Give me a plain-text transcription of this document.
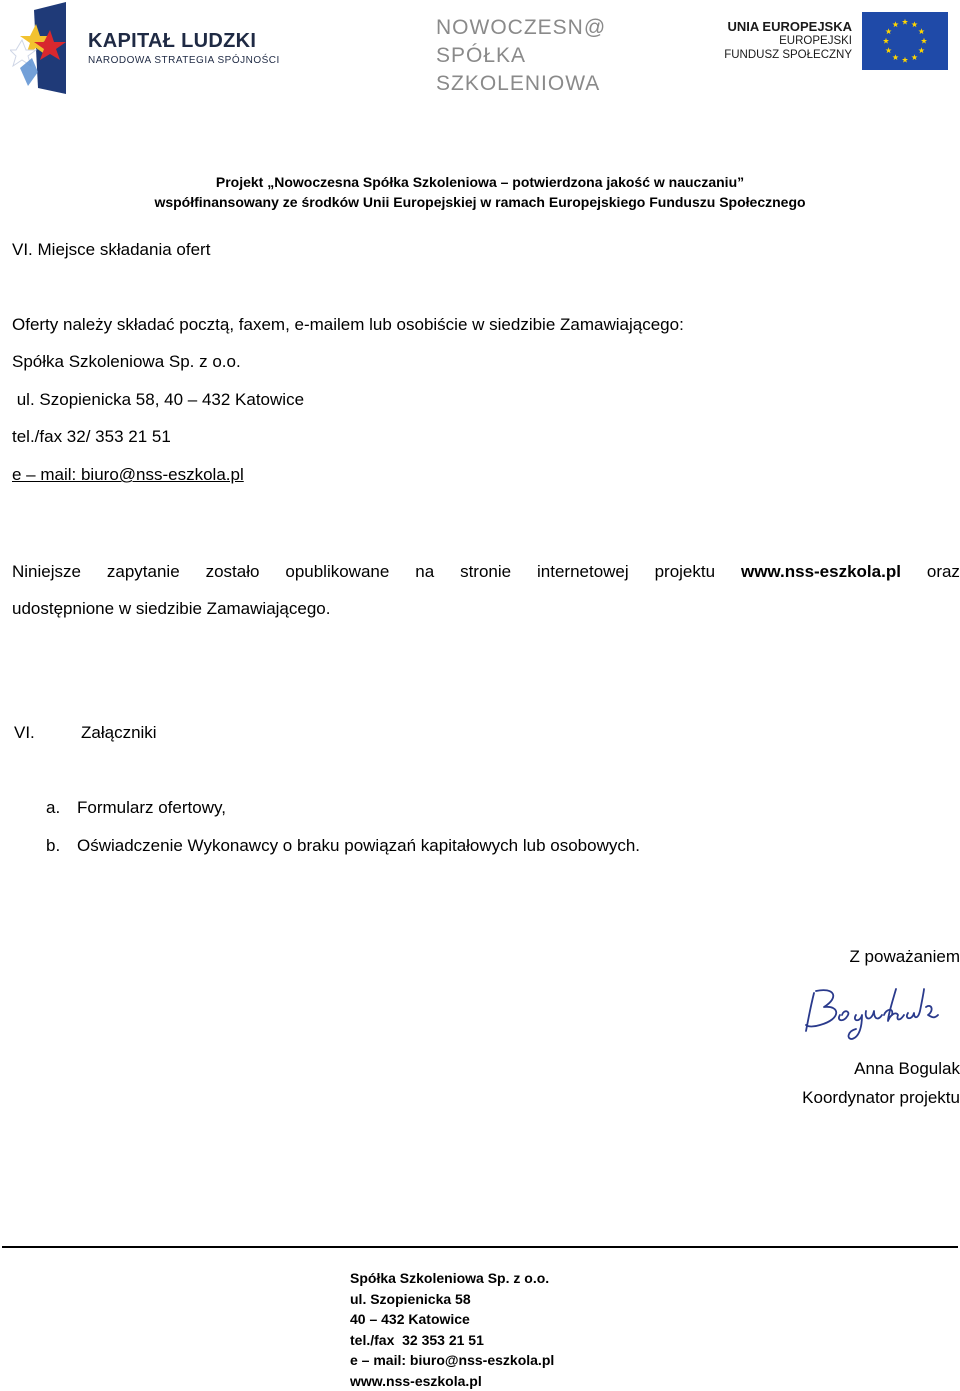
KAPITAŁ LUDZKI
NARODOWA STRATEGIA SPÓJNOŚCI
NOWOCZESN@
SPÓŁKA
SZKOLENIOWA
UNIA EUROPEJSKA
EUROPEJSKI
FUNDUSZ SPOŁECZNY
Projekt „Nowoczesna Spółka Szkoleniowa – potwierdzona jakość w nauczaniu”
współfinansowany ze środków Unii Europejskiej w ramach Europejskiego Funduszu Społecznego
VI. Miejsce składania ofert
Oferty należy składać pocztą, faxem, e-mailem lub osobiście w siedzibie Zamawiającego:
Spółka Szkoleniowa Sp. z o.o.
ul. Szopienicka 58, 40 – 432 Katowice
tel./fax 32/ 353 21 51
e – mail: biuro@nss-eszkola.pl
Niniejsze zapytanie zostało opublikowane na stronie internetowej projektu www.nss-eszkola.pl oraz
udostępnione w siedzibie Zamawiającego.
VI.	Załączniki
a. Formularz ofertowy,
b. Oświadczenie Wykonawcy o braku powiązań kapitałowych lub osobowych.
Z poważaniem
Anna Bogulak
Koordynator projektu
Spółka Szkoleniowa Sp. z o.o.
ul. Szopienicka 58
40 – 432 Katowice
tel./fax  32 353 21 51
e – mail: biuro@nss-eszkola.pl
www.nss-eszkola.pl
